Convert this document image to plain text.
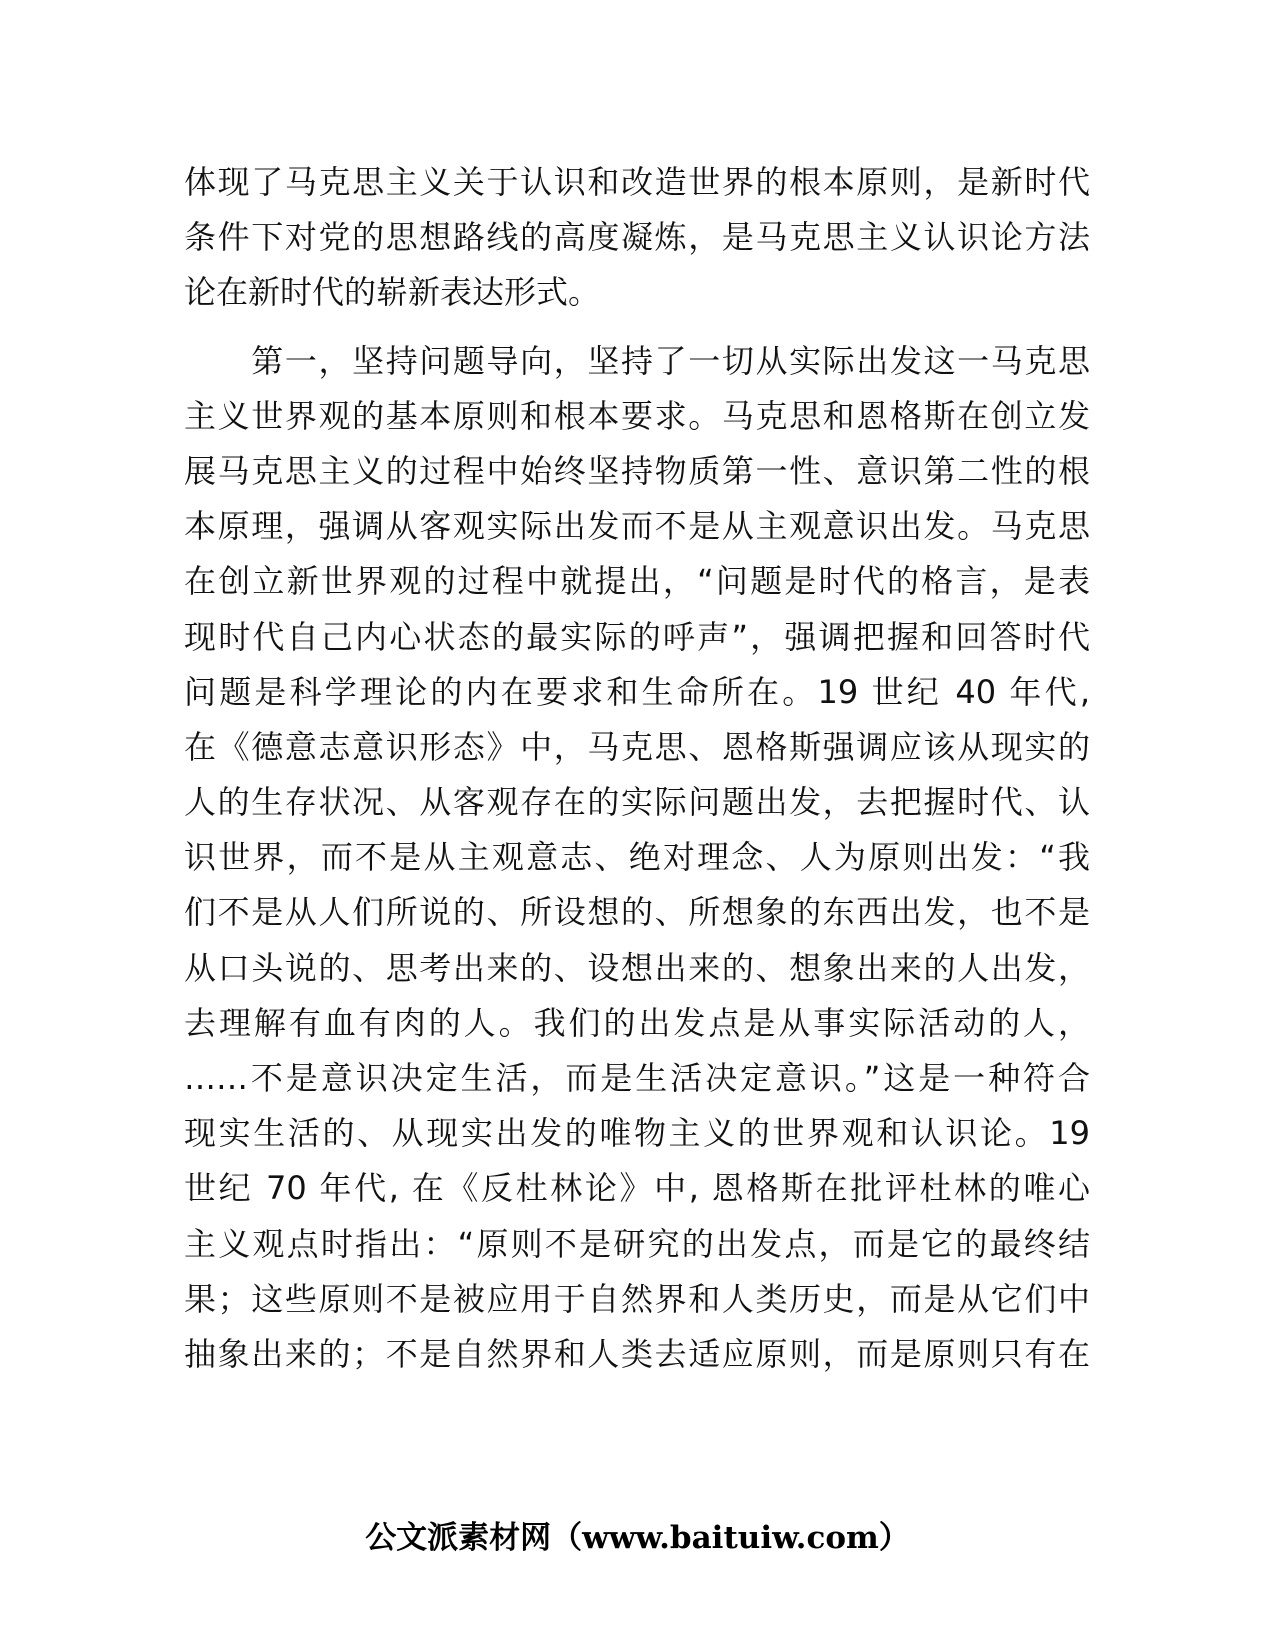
体现了马克思主义关于认识和改造世界的根本原则，是新时代
条件下对党的思想路线的高度凝炼，是马克思主义认识论方法
论在新时代的崭新表达形式。
　　第一，坚持问题导向，坚持了一切从实际出发这一马克思
主义世界观的基本原则和根本要求。马克思和恩格斯在创立发
展马克思主义的过程中始终坚持物质第一性、意识第二性的根
本原理，强调从客观实际出发而不是从主观意识出发。马克思
在创立新世界观的过程中就提出，“问题是时代的格言，是表
现时代自己内心状态的最实际的呼声”，强调把握和回答时代
问题是科学理论的内在要求和生命所在。19 世纪 40 年代,
在《德意志意识形态》中，马克思、恩格斯强调应该从现实的
人的生存状况、从客观存在的实际问题出发，去把握时代、认
识世界，而不是从主观意志、绝对理念、人为原则出发：“我
们不是从人们所说的、所设想的、所想象的东西出发，也不是
从口头说的、思考出来的、设想出来的、想象出来的人出发，
去理解有血有肉的人。我们的出发点是从事实际活动的人，
……不是意识决定生活，而是生活决定意识。”这是一种符合
现实生活的、从现实出发的唯物主义的世界观和认识论。19
世纪 70 年代, 在《反杜林论》中, 恩格斯在批评杜林的唯心
主义观点时指出：“原则不是研究的出发点，而是它的最终结
果；这些原则不是被应用于自然界和人类历史，而是从它们中
抽象出来的；不是自然界和人类去适应原则，而是原则只有在
公文派素材网（www.baituiw.com）
